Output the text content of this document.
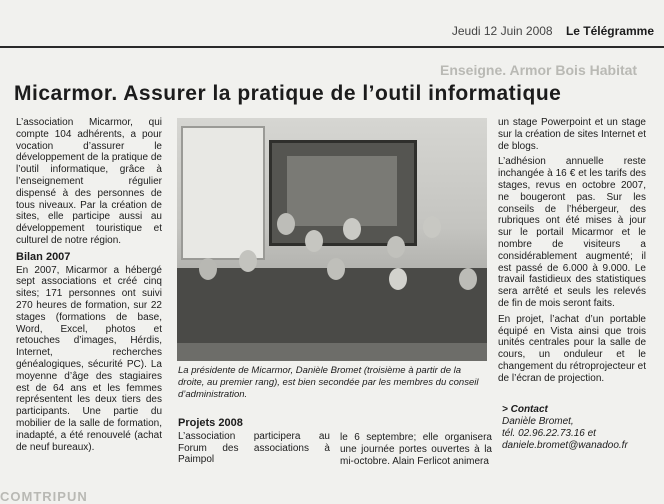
Jeudi 12 Juin 2008 Le Télégramme
Enseigne. Armor Bois Habitat
Micarmor. Assurer la pratique de l’outil informatique

L’association Micarmor, qui compte 104 adhérents, a pour vocation d’assurer le développement de la pratique de l’outil informatique, grâce à l’enseignement régulier dispensé à des personnes de tous niveaux. Par la création de sites, elle participe aussi au développement touristique et culturel de notre région.

Bilan 2007

En 2007, Micarmor a hébergé sept associations et créé cinq sites; 171 personnes ont suivi 270 heures de formation, sur 22 stages (formations de base, Word, Excel, photos et retouches d’images, Hérdis, Internet, recherches généalogiques, sécurité PC). La moyenne d’âge des stagiaires est de 64 ans et les femmes représentent les deux tiers des participants. Une partie du mobilier de la salle de formation, inadapté, a été renouvelé (achat de neuf bureaux).

La présidente de Micarmor, Danièle Bromet (troisième à partir de la droite, au premier rang), est bien secondée par les membres du conseil d’administration.
Projets 2008

L’association participera au Forum des associations à Paimpol

le 6 septembre; elle organisera une journée portes ouvertes à la mi-octobre. Alain Ferlicot animera

un stage Powerpoint et un stage sur la création de sites Internet et de blogs.

L’adhésion annuelle reste inchangée à 16 € et les tarifs des stages, revus en octobre 2007, ne bougeront pas. Sur les conseils de l’hébergeur, des rubriques ont été mises à jour sur le portail Micarmor et le nombre de visiteurs a considérablement augmenté; il est passé de 6.000 à 9.000. Le travail fastidieux des statistiques sera arrêté et seuls les relevés de fin de mois seront faits.

En projet, l’achat d’un portable équipé en Vista ainsi que trois unités centrales pour la salle de cours, un onduleur et le changement du rétroprojecteur et de l’écran de projection.

> Contact
Danièle Bromet,
tél. 02.96.22.73.16 et
daniele.bromet@wanadoo.fr
COMTRIPUN
